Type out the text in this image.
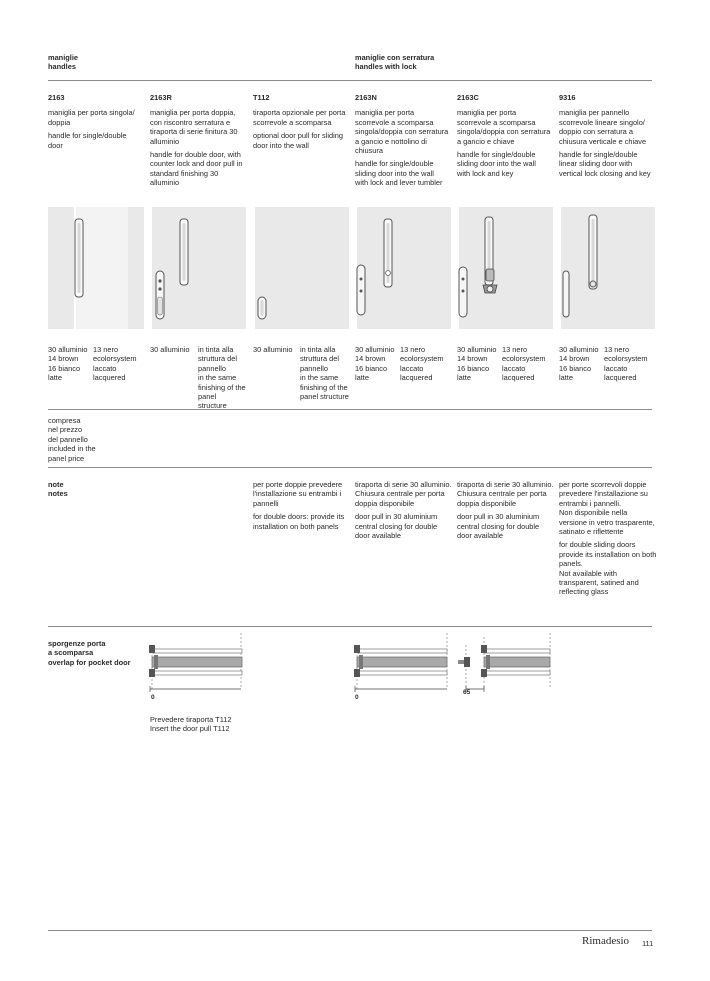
maniglie
handles
maniglie con serratura
handles with lock
2163

maniglia per porta singola/ doppia

handle for single/double door

2163R

maniglia per porta doppia, con riscontro serratura e tiraporta di serie finitura 30 alluminio

handle for double door, with counter lock and door pull in standard finishing 30 alluminio

T112

tiraporta opzionale per porta scorrevole a scomparsa

optional door pull for sliding door into the wall

2163N

maniglia per porta scorrevole a scomparsa singola/doppia con serratura a gancio e nottolino di chiusura

handle for single/double sliding door into the wall with lock and lever tumbler

2163C

maniglia per porta scorrevole a scomparsa singola/doppia con serratura a gancio e chiave

handle for single/double sliding door into the wall with lock and key

9316

maniglia per pannello scorrevole lineare singolo/ doppio con serratura a chiusura verticale e chiave

handle for single/double linear sliding door with vertical lock closing and key

30 alluminio
14 brown
16 bianco
latte
13 nero
ecolorsystem
laccato
lacquered
30 alluminio in tinta alla
struttura del
pannello
in the same
finishing of the
panel structure
30 alluminio in tinta alla
struttura del
pannello
in the same
finishing of the
panel structure
30 alluminio
14 brown
16 bianco
latte
13 nero
ecolorsystem
laccato
lacquered
30 alluminio
14 brown
16 bianco
latte
13 nero
ecolorsystem
laccato
lacquered
30 alluminio
14 brown
16 bianco
latte
13 nero
ecolorsystem
laccato
lacquered
compresa
nel prezzo
del pannello
included in the
panel price
note
notes

per porte doppie prevedere l'installazione su entrambi i pannelli

for double doors: provide its installation on both panels

tiraporta di serie 30 alluminio. Chiusura centrale per porta doppia disponibile

door pull in 30 aluminium central closing for double door available

tiraporta di serie 30 alluminio. Chiusura centrale per porta doppia disponibile

door pull in 30 aluminium central closing for double door available

per porte scorrevoli doppie prevedere l'installazione su entrambi i pannelli.
Non disponibile nella versione in vetro trasparente, satinato e riflettente

for double sliding doors provide its installation on both panels.
Not available with transparent, satined and reflecting glass

sporgenze porta
a scomparsa
overlap for pocket door
0	0
65
Prevedere tiraporta T112
Insert the door pull T112
Rimadesio 111
